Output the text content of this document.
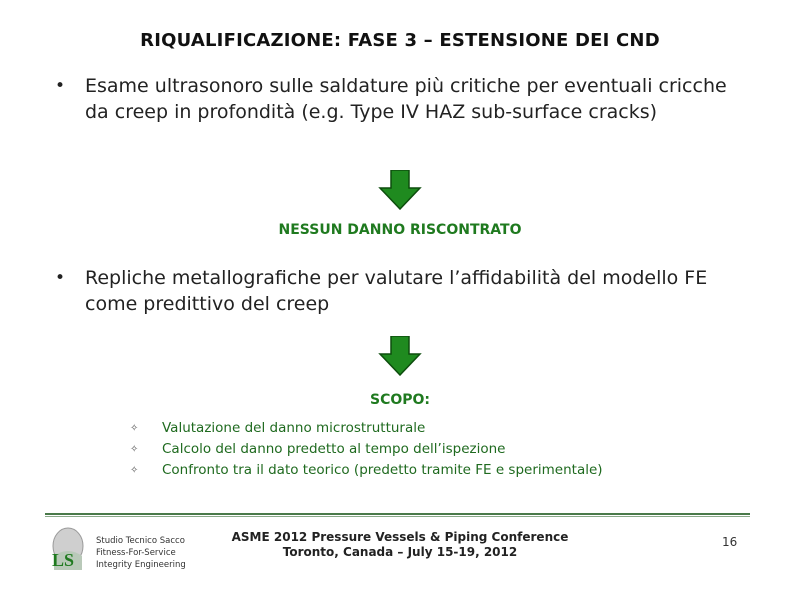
RIQUALIFICAZIONE: FASE 3 – ESTENSIONE DEI CND
• Esame ultrasonoro sulle saldature più critiche per eventuali cricche da creep in profondità (e.g. Type IV HAZ sub-surface cracks)
NESSUN DANNO RISCONTRATO
• Repliche metallografiche per valutare l’affidabilità del modello FE come predittivo del creep
SCOPO:
✧ Valutazione del danno microstrutturale
✧ Calcolo del danno predetto al tempo dell’ispezione
✧ Confronto tra il dato teorico (predetto tramite FE e sperimentale)
LS
Studio Tecnico Sacco
Fitness-For-Service
Integrity Engineering
ASME 2012 Pressure Vessels & Piping Conference
Toronto, Canada – July 15-19, 2012
16
